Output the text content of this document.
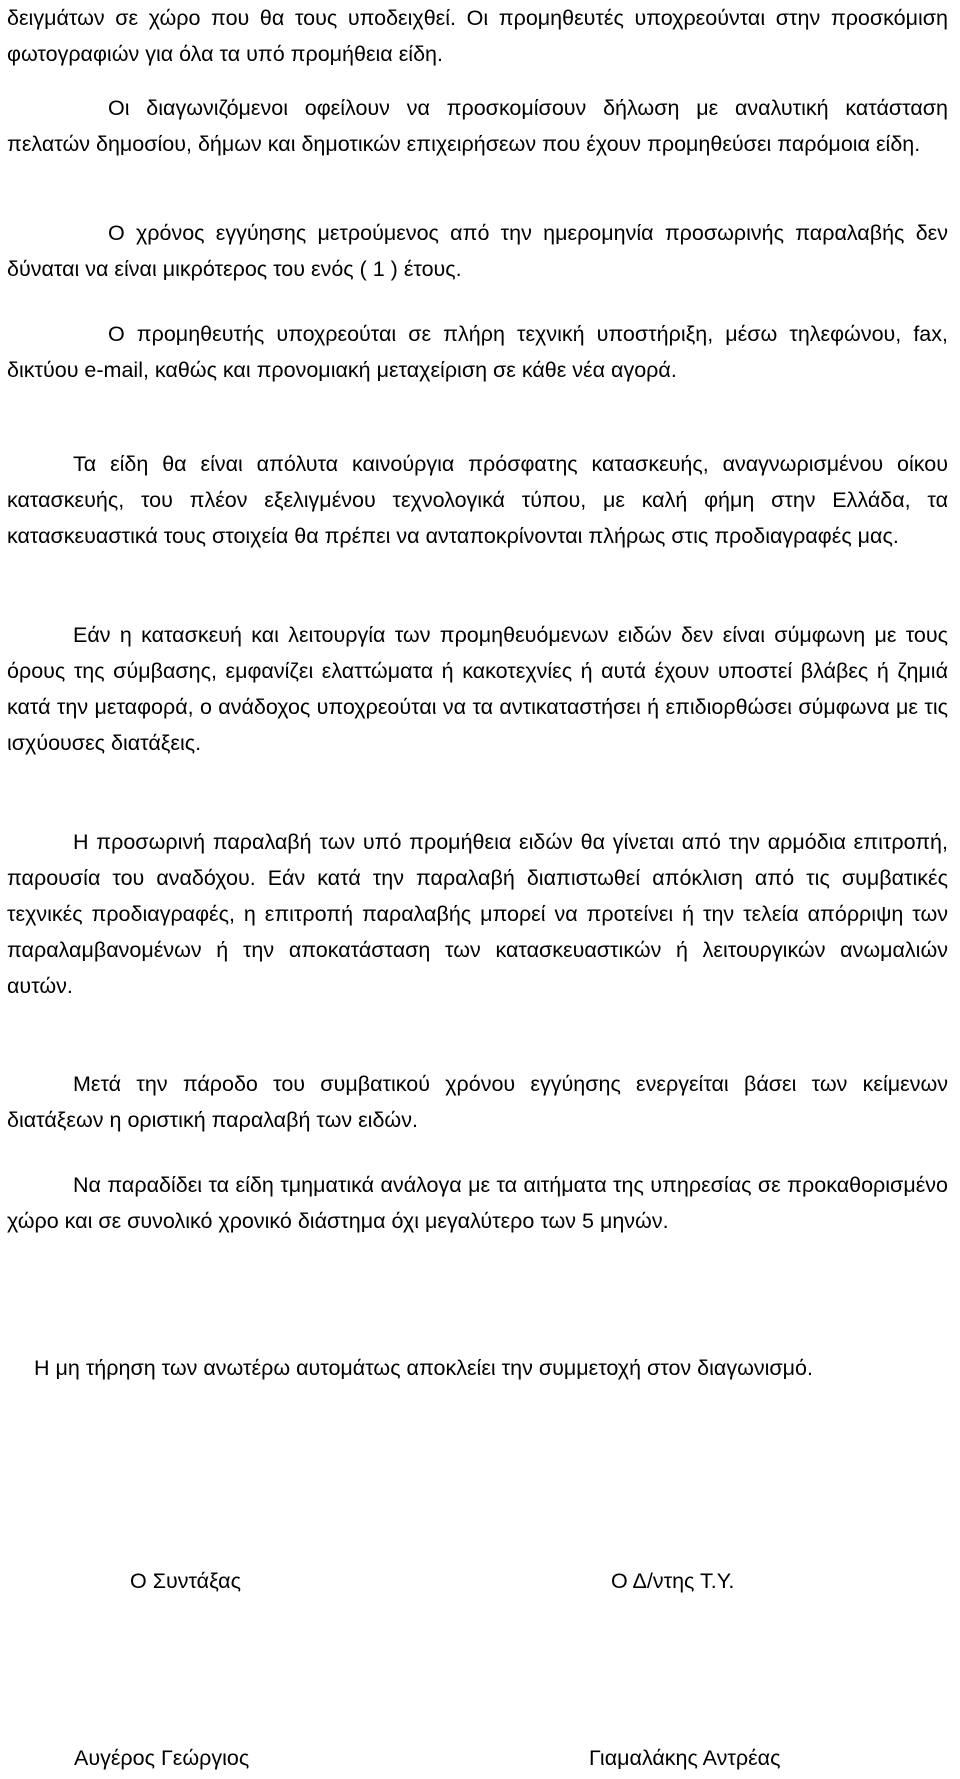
δειγμάτων σε χώρο που θα τους υποδειχθεί. Οι προμηθευτές υποχρεούνται στην προσκόμιση φωτογραφιών για όλα τα υπό προμήθεια είδη.

Οι διαγωνιζόμενοι οφείλουν να προσκομίσουν δήλωση με αναλυτική κατάσταση πελατών δημοσίου, δήμων και δημοτικών επιχειρήσεων που έχουν προμηθεύσει παρόμοια είδη.

Ο χρόνος εγγύησης μετρούμενος από την ημερομηνία προσωρινής παραλαβής δεν δύναται να είναι μικρότερος του ενός ( 1 ) έτους.

Ο προμηθευτής υποχρεούται σε πλήρη τεχνική υποστήριξη, μέσω τηλεφώνου, fax, δικτύου e-mail, καθώς και προνομιακή μεταχείριση σε κάθε νέα αγορά.

Τα είδη θα είναι απόλυτα καινούργια πρόσφατης κατασκευής, αναγνωρισμένου οίκου κατασκευής, του πλέον εξελιγμένου τεχνολογικά τύπου, με καλή φήμη στην Ελλάδα, τα κατασκευαστικά τους στοιχεία θα πρέπει να ανταποκρίνονται πλήρως στις προδιαγραφές μας.

Εάν η κατασκευή και λειτουργία των προμηθευόμενων ειδών δεν είναι σύμφωνη με τους όρους της σύμβασης, εμφανίζει ελαττώματα ή κακοτεχνίες ή αυτά έχουν υποστεί βλάβες ή ζημιά κατά την μεταφορά, ο ανάδοχος υποχρεούται να τα αντικαταστήσει ή επιδιορθώσει σύμφωνα με τις ισχύουσες διατάξεις.

Η προσωρινή παραλαβή των υπό προμήθεια ειδών θα γίνεται από την αρμόδια επιτροπή, παρουσία του αναδόχου. Εάν κατά την παραλαβή διαπιστωθεί απόκλιση από τις συμβατικές τεχνικές προδιαγραφές, η επιτροπή παραλαβής μπορεί να προτείνει ή την τελεία απόρριψη των παραλαμβανομένων ή την αποκατάσταση των κατασκευαστικών ή λειτουργικών ανωμαλιών αυτών.

Μετά την πάροδο του συμβατικού χρόνου εγγύησης ενεργείται βάσει των κείμενων διατάξεων η οριστική παραλαβή των ειδών.

Να παραδίδει τα είδη τμηματικά ανάλογα με τα αιτήματα της υπηρεσίας σε προκαθορισμένο χώρο και σε συνολικό χρονικό διάστημα όχι μεγαλύτερο των 5 μηνών.

Η μη τήρηση των ανωτέρω αυτομάτως αποκλείει την συμμετοχή στον διαγωνισμό.

Ο Συντάξας	Ο Δ/ντης Τ.Υ.

Αυγέρος Γεώργιος	Γιαμαλάκης Αντρέας
